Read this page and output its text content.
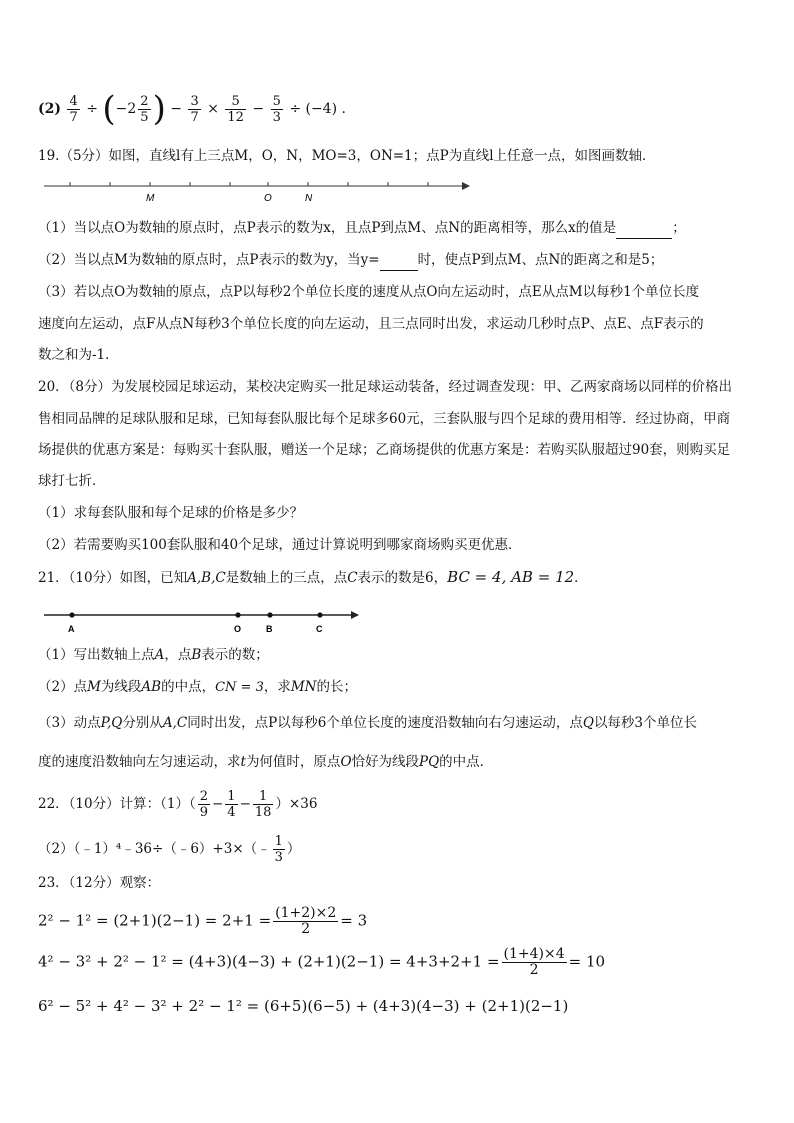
$(2) \frac{4}{7} \div (-2 \frac{2}{5}$ ) − $\frac{3}{7} \times \frac{5}{12} - \frac{5}{3} \div (-4)$ .
19.（5分）如图，直线l有上三点M，O，N，MO=3，ON=1；点P为直线l上任意一点，如图画数轴．
M	O	N
（1）当以点O为数轴的原点时，点P表示的数为x，且点P到点M、点N的距离相等，那么x的值是	；
（2）当以点M为数轴的原点时，点P表示的数为y，当y=	时，使点P到点M、点N的距离之和是5；
（3）若以点O为数轴的原点，点P以每秒2个单位长度的速度从点O向左运动时，点E从点M以每秒1个单位长度
速度向左运动，点F从点N每秒3个单位长度的向左运动，且三点同时出发，求运动几秒时点P、点E、点F表示的
数之和为-1．
20．（8分）为发展校园足球运动，某校决定购买一批足球运动装备，经过调查发现：甲、乙两家商场以同样的价格出
售相同品牌的足球队服和足球，已知每套队服比每个足球多60元，三套队服与四个足球的费用相等．经过协商，甲商
场提供的优惠方案是：每购买十套队服，赠送一个足球；乙商场提供的优惠方案是：若购买队服超过90套，则购买足
球打七折．
（1）求每套队服和每个足球的价格是多少？
（2）若需要购买100套队服和40个足球，通过计算说明到哪家商场购买更优惠．
21．（10分）如图，已知A,B,C是数轴上的三点，点C表示的数是6，BC = 4, AB = 12．
A	O	B	C
（1）写出数轴上点A，点B表示的数；
（2）点M为线段AB的中点，CN = 3，求MN的长；
（3）动点P,Q分别从A,C同时出发，点P以每秒6个单位长度的速度沿数轴向右匀速运动，点Q以每秒3个单位长
度的速度沿数轴向左匀速运动，求t为何值时，原点O恰好为线段PQ的中点．
22．（10分）计算：$(1)( \frac{2}{9} - \frac{1}{4} - \frac{1}{18} )\times 36$
（2）（﹣1）⁴﹣36÷（﹣6）+3×（﹣ $\frac{1}{3}$ ）
23．（12分）观察：
$2^2 - 1^2 = (2+1)(2-1) = 2+1 = \frac{(1+2)\times 2}{2} = 3$
$4^2 - 3^2 + 2^2 - 1^2 = (4+3)(4-3) + (2+1)(2-1) = 4+3+2+1 = \frac{(1+4)\times 4}{2} = 10$
6² − 5² + 4² − 3² + 2² − 1² = (6+5)(6−5) + (4+3)(4−3) + (2+1)(2−1)
